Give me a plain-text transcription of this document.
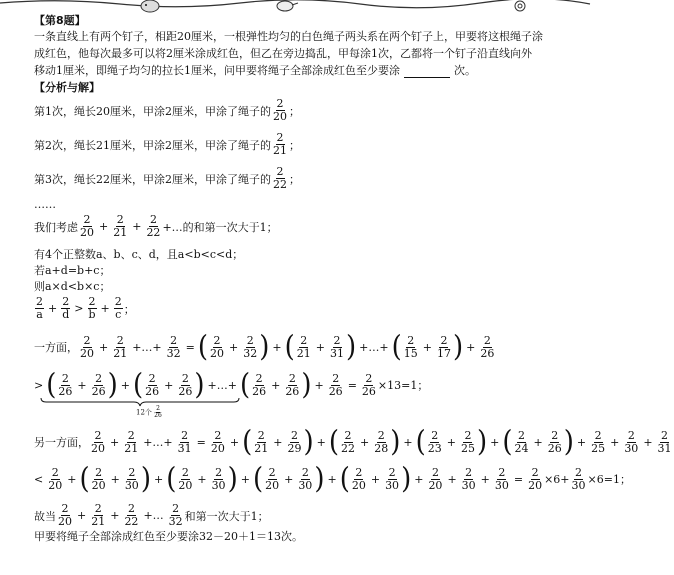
【第8题】
一条直线上有两个钉子，相距20厘米，一根弹性均匀的白色绳子两头系在两个钉子上，甲要将这根绳子涂
成红色，他每次最多可以将2厘米涂成红色，但乙在旁边捣乱，甲每涂1次，乙都将一个钉子沿直线向外
移动1厘米，即绳子均匀的拉长1厘米，问甲要将绳子全部涂成红色至少要涂	次。
【分析与解】
第1次，绳长20厘米，甲涂2厘米，甲涂了绳子的 $\frac{2}{20}$ ；
第2次，绳长21厘米，甲涂2厘米，甲涂了绳子的 $\frac{2}{21}$ ；
第3次，绳长22厘米，甲涂2厘米，甲涂了绳子的 $\frac{2}{22}$ ；
……
我们考虑 $\frac{2}{20} + \frac{2}{21} + \frac{2}{22}$ +…的和第一次大于1；
有4个正整数a、b、c、d，且a<b<c<d；
若a+d=b+c；
则a×d<b×c；
$\frac{2}{a} + \frac{2}{d} > \frac{2}{b} + \frac{2}{c}$ ；
一方面， $\frac{2}{20} + \frac{2}{21}$ +…+ $\frac{2}{32}$ = ( $\frac{2}{20} + \frac{2}{32}$ ) + ( $\frac{2}{21} + \frac{2}{31}$ ) +…+ ( $\frac{2}{15} + \frac{2}{17}$ ) + $\frac{2}{26}$
> ( $\frac{2}{26} + \frac{2}{26}$ ) + ( $\frac{2}{26} + \frac{2}{26}$ ) +…+ ( $\frac{2}{26} + \frac{2}{26}$ ) + $\frac{2}{26} = \frac{2}{26} \times 13=1$；
12个 $\frac{2}{26}$
另一方面， $\frac{2}{20} + \frac{2}{21}$ +…+ $\frac{2}{31} = \frac{2}{20}$ + ( $\frac{2}{21} + \frac{2}{29}$ ) + ( $\frac{2}{22} + \frac{2}{28}$ ) + ( $\frac{2}{23} + \frac{2}{25}$ ) + ( $\frac{2}{24} + \frac{2}{26}$ ) + $\frac{2}{25} + \frac{2}{30} + \frac{2}{31}$
< $\frac{2}{20}$ + ( $\frac{2}{20} + \frac{2}{30}$ ) + ( $\frac{2}{20} + \frac{2}{30}$ ) + ( $\frac{2}{20} + \frac{2}{30}$ ) + ( $\frac{2}{20} + \frac{2}{30}$ ) + $\frac{2}{20} + \frac{2}{30} + \frac{2}{30} = \frac{2}{20} \times 6+ \frac{2}{30} \times 6=1$；
故当 $\frac{2}{20} + \frac{2}{21} + \frac{2}{22}$ +… $\frac{2}{32}$ 和第一次大于1；
甲要将绳子全部涂成红色至少要涂32－20＋1＝13次。
